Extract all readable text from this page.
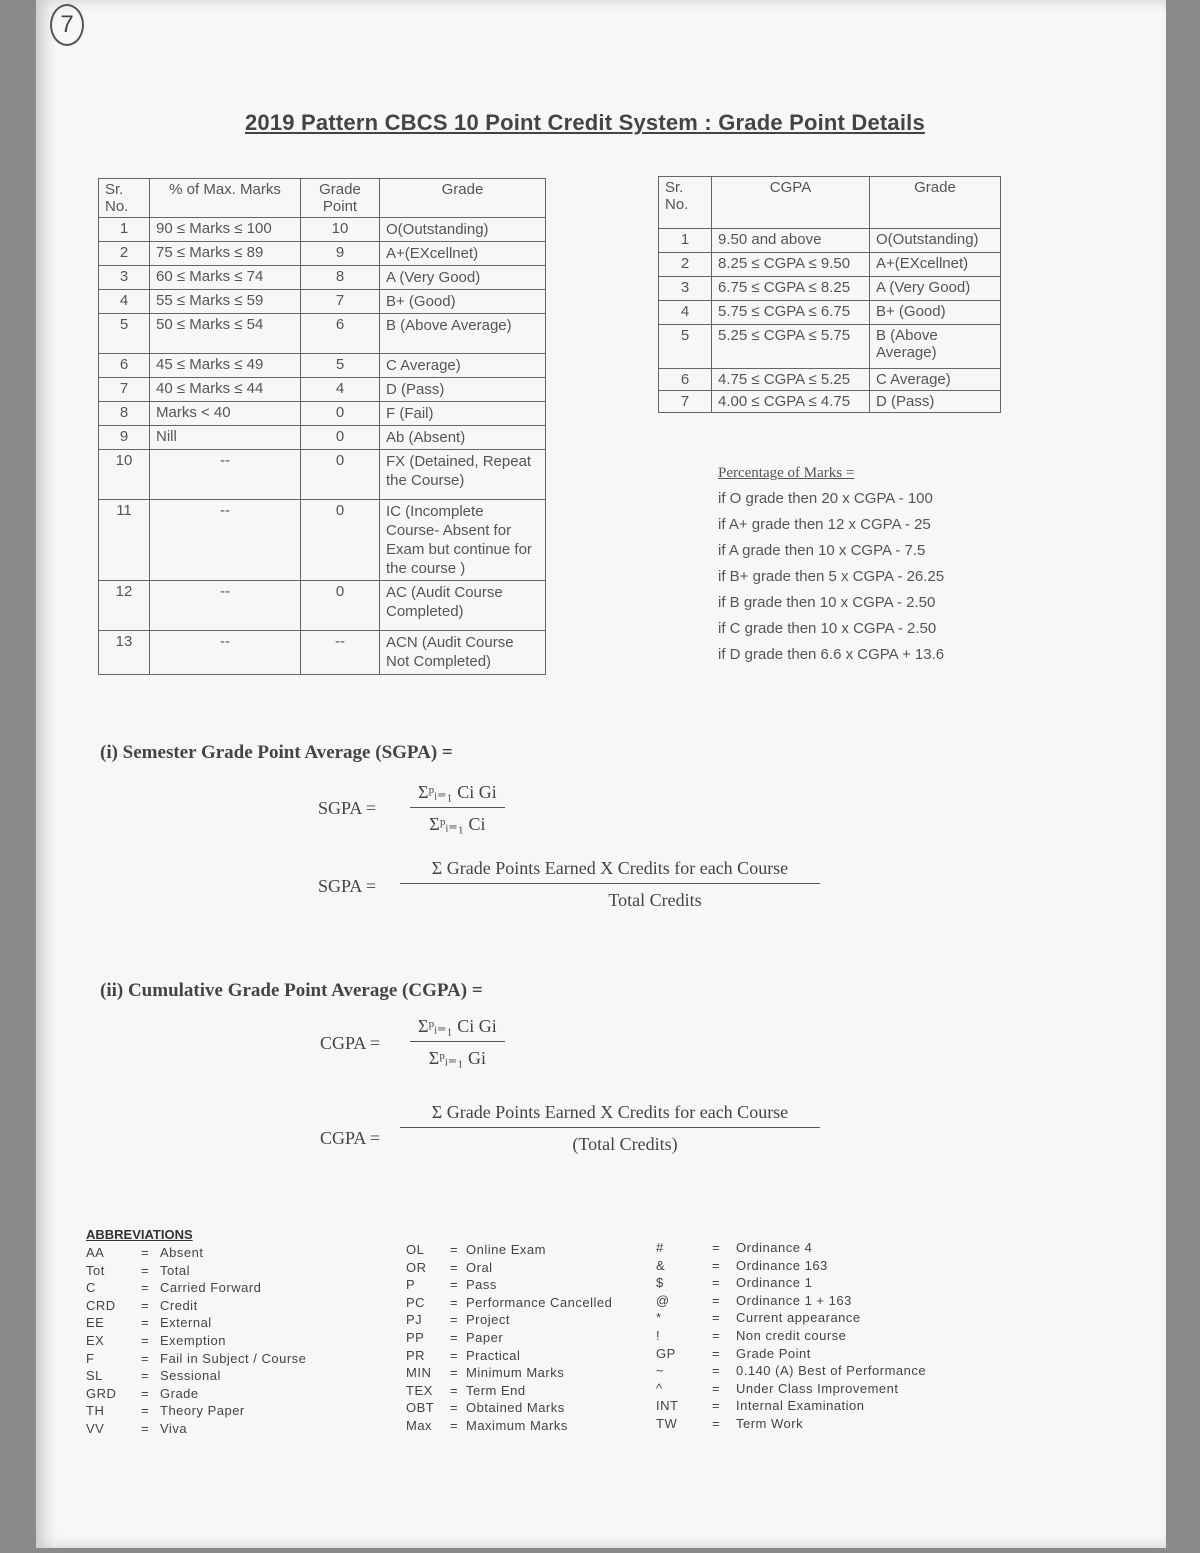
7
2019 Pattern CBCS 10 Point Credit System : Grade Point Details
Sr. No.	% of Max. Marks	Grade Point	Grade
1	90 ≤ Marks ≤ 100	10	O(Outstanding)
2	75 ≤ Marks ≤ 89	9	A+(EXcellnet)
3	60 ≤ Marks ≤ 74	8	A (Very Good)
4	55 ≤ Marks ≤ 59	7	B+ (Good)
5	50 ≤ Marks ≤ 54	6	B (Above Average)
6	45 ≤ Marks ≤ 49	5	C Average)
7	40 ≤ Marks ≤ 44	4	D (Pass)
8	Marks < 40	0	F (Fail)
9	Nill	0	Ab (Absent)
10	--	0	FX (Detained, Repeat the Course)
11	--	0	IC (Incomplete Course- Absent for Exam but continue for the course )
12	--	0	AC (Audit Course Completed)
13	--	--	ACN (Audit Course Not Completed)
Sr. No.	CGPA	Grade
1	9.50 and above	O(Outstanding)
2	8.25 ≤ CGPA ≤ 9.50	A+(EXcellnet)
3	6.75 ≤ CGPA ≤ 8.25	A (Very Good)
4	5.75 ≤ CGPA ≤ 6.75	B+ (Good)
5	5.25 ≤ CGPA ≤ 5.75	B (Above Average)
6	4.75 ≤ CGPA ≤ 5.25	C Average)
7	4.00 ≤ CGPA ≤ 4.75	D (Pass)
Percentage of Marks =
if O grade then 20 x CGPA - 100
if A+ grade then 12 x CGPA - 25
if A grade then 10 x CGPA - 7.5
if B+ grade then 5 x CGPA - 26.25
if B grade then 10 x CGPA - 2.50
if C grade then 10 x CGPA - 2.50
if D grade then 6.6 x CGPA + 13.6
(i) Semester Grade Point Average (SGPA) =
SGPA =
Σᵖᵢ₌₁ Ci Gi
Σᵖᵢ₌₁ Ci
SGPA =
Σ Grade Points Earned X Credits for each Course
Total Credits
(ii) Cumulative Grade Point Average (CGPA) =
CGPA =
Σᵖᵢ₌₁ Ci Gi
Σᵖᵢ₌₁ Gi
CGPA =
Σ Grade Points Earned X Credits for each Course
(Total Credits)
ABBREVIATIONS
AA	= Absent
Tot	= Total
C	= Carried Forward
CRD = Credit
EE	= External
EX	= Exemption
F	= Fail in Subject / Course
SL	= Sessional
GRD = Grade
TH	= Theory Paper
VV	= Viva
OL = Online Exam
OR = Oral
P	= Pass
PC = Performance Cancelled
PJ = Project
PP = Paper
PR = Practical
MIN = Minimum Marks
TEX = Term End
OBT = Obtained Marks
Max = Maximum Marks
#	= Ordinance 4
&	= Ordinance 163
$	= Ordinance 1
@	= Ordinance 1 + 163
*	= Current appearance
!	= Non credit course
GP	= Grade Point
~	= 0.140 (A) Best of Performance
^	= Under Class Improvement
INT	= Internal Examination
TW	= Term Work
